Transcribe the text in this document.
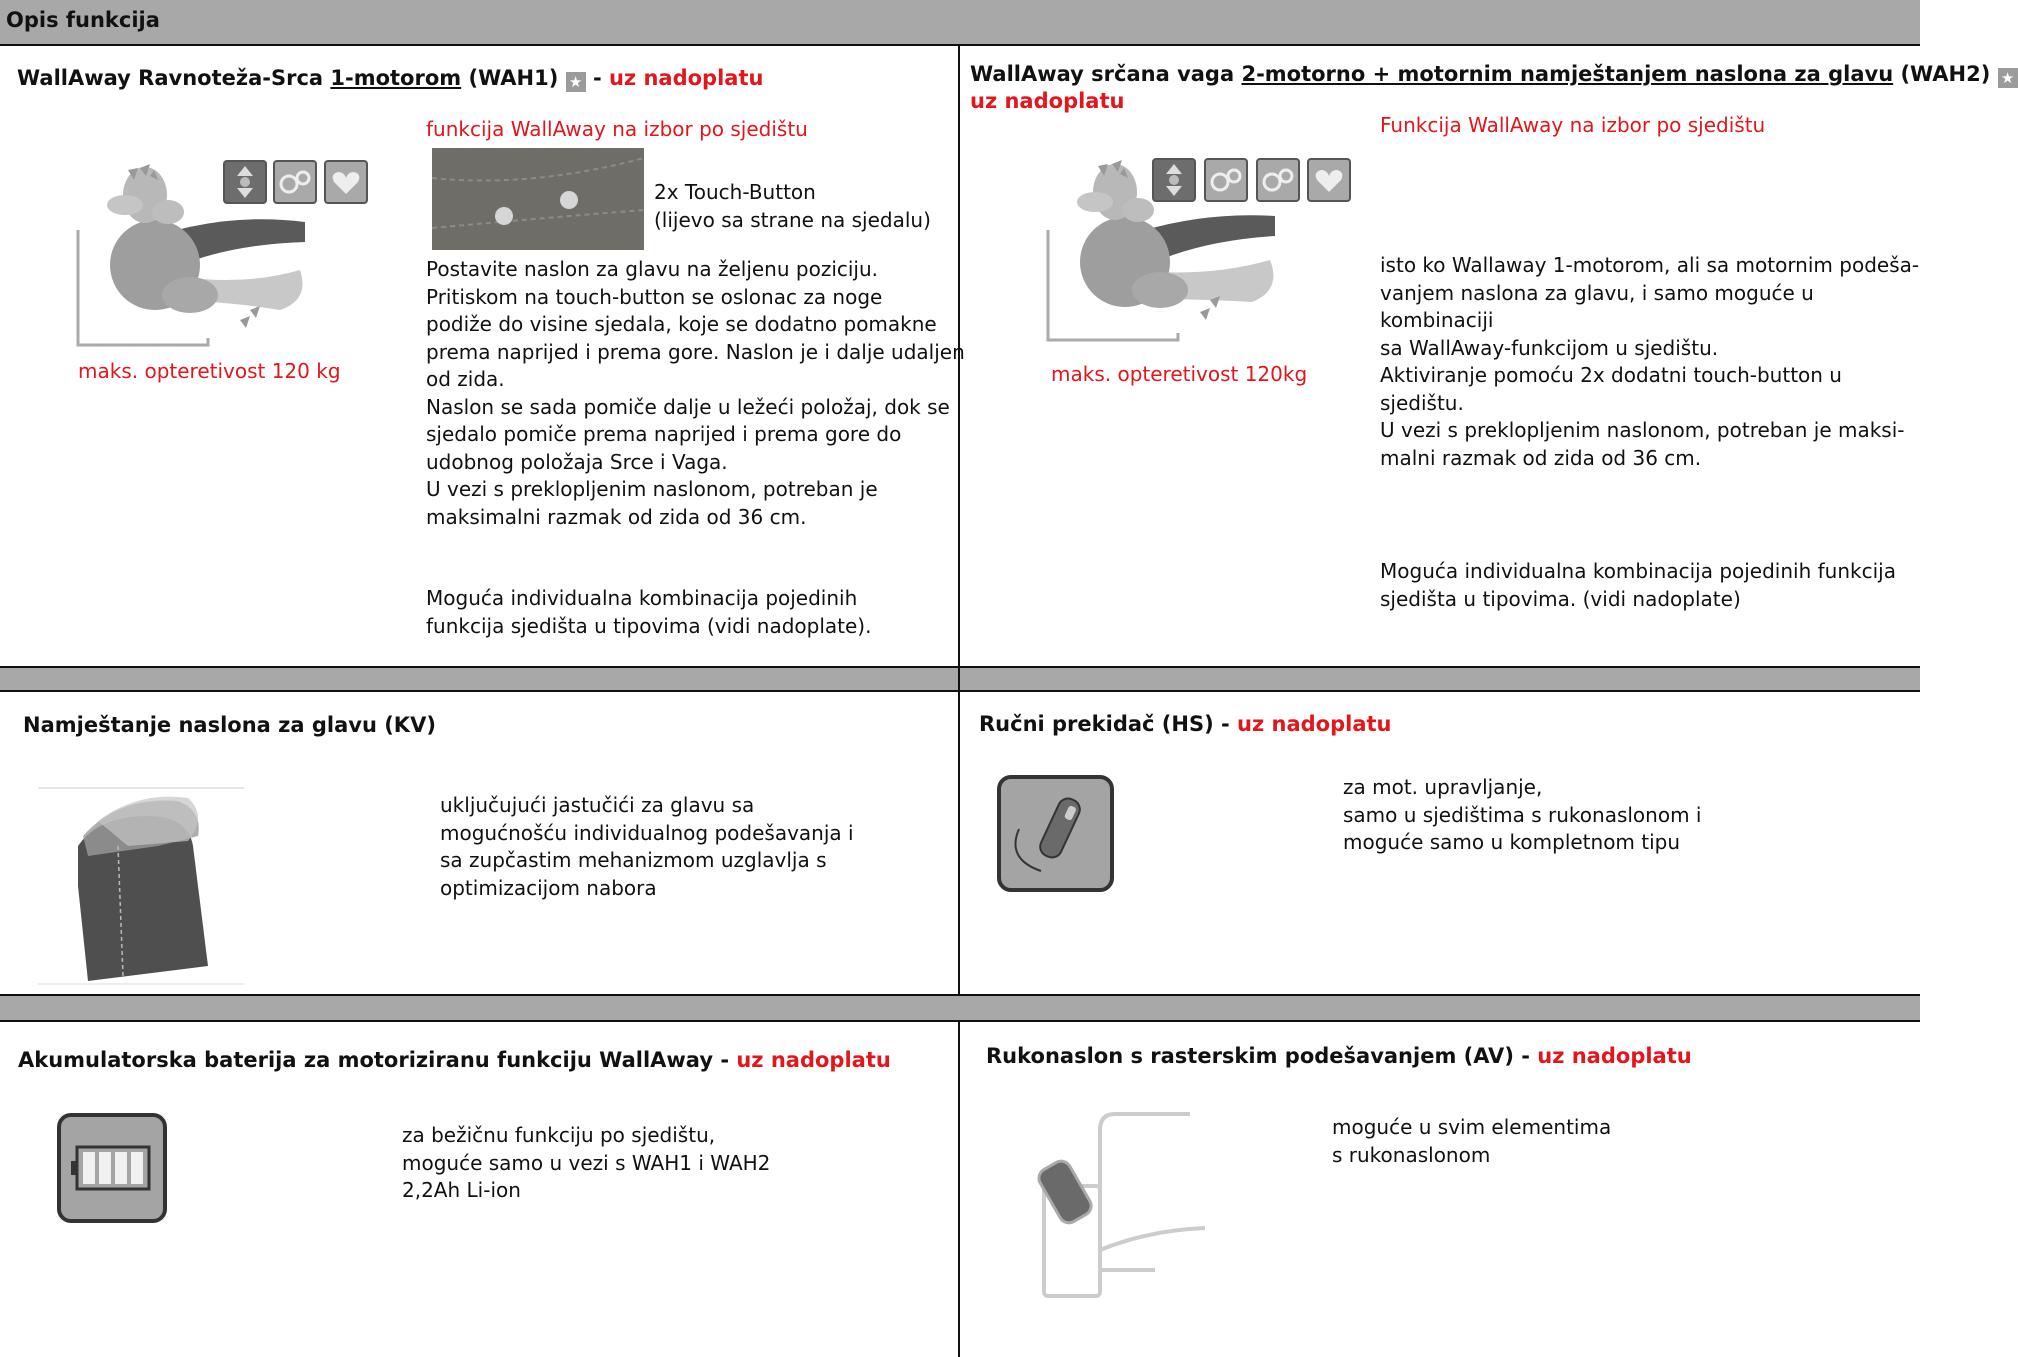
Opis funkcija
WallAway Ravnoteža-Srca 1-motorom (WAH1) ★ - uz nadoplatu
funkcija WallAway na izbor po sjedištu
maks. opteretivost 120 kg
2x Touch-Button
(lijevo sa strane na sjedalu)
Postavite naslon za glavu na željenu poziciju.
Pritiskom na touch-button se oslonac za noge
podiže do visine sjedala, koje se dodatno pomakne
prema naprijed i prema gore. Naslon je i dalje udaljen
od zida.
Naslon se sada pomiče dalje u ležeći položaj, dok se
sjedalo pomiče prema naprijed i prema gore do
udobnog položaja Srce i Vaga.
U vezi s preklopljenim naslonom, potreban je
maksimalni razmak od zida od 36 cm.
Moguća individualna kombinacija pojedinih
funkcija sjedišta u tipovima (vidi nadoplate).
WallAway srčana vaga 2-motorno + motornim namještanjem naslona za glavu (WAH2) ★
uz nadoplatu
Funkcija WallAway na izbor po sjedištu
maks. opteretivost 120kg
isto ko Wallaway 1-motorom, ali sa motornim podeša-
vanjem naslona za glavu, i samo moguće u kombinaciji
sa WallAway-funkcijom u sjedištu.
Aktiviranje pomoću 2x dodatni touch-button u
sjedištu.
U vezi s preklopljenim naslonom, potreban je maksi-
malni razmak od zida od 36 cm.
Moguća individualna kombinacija pojedinih funkcija
sjedišta u tipovima. (vidi nadoplate)
Namještanje naslona za glavu (KV)
uključujući jastučići za glavu sa
mogućnošću individualnog podešavanja i
sa zupčastim mehanizmom uzglavlja s
optimizacijom nabora
Ručni prekidač (HS) - uz nadoplatu
za mot. upravljanje,
samo u sjedištima s rukonaslonom i
moguće samo u kompletnom tipu
Akumulatorska baterija za motoriziranu funkciju WallAway - uz nadoplatu
za bežičnu funkciju po sjedištu,
moguće samo u vezi s WAH1 i WAH2
2,2Ah Li-ion
Rukonaslon s rasterskim podešavanjem (AV) - uz nadoplatu
moguće u svim elementima
s rukonaslonom
